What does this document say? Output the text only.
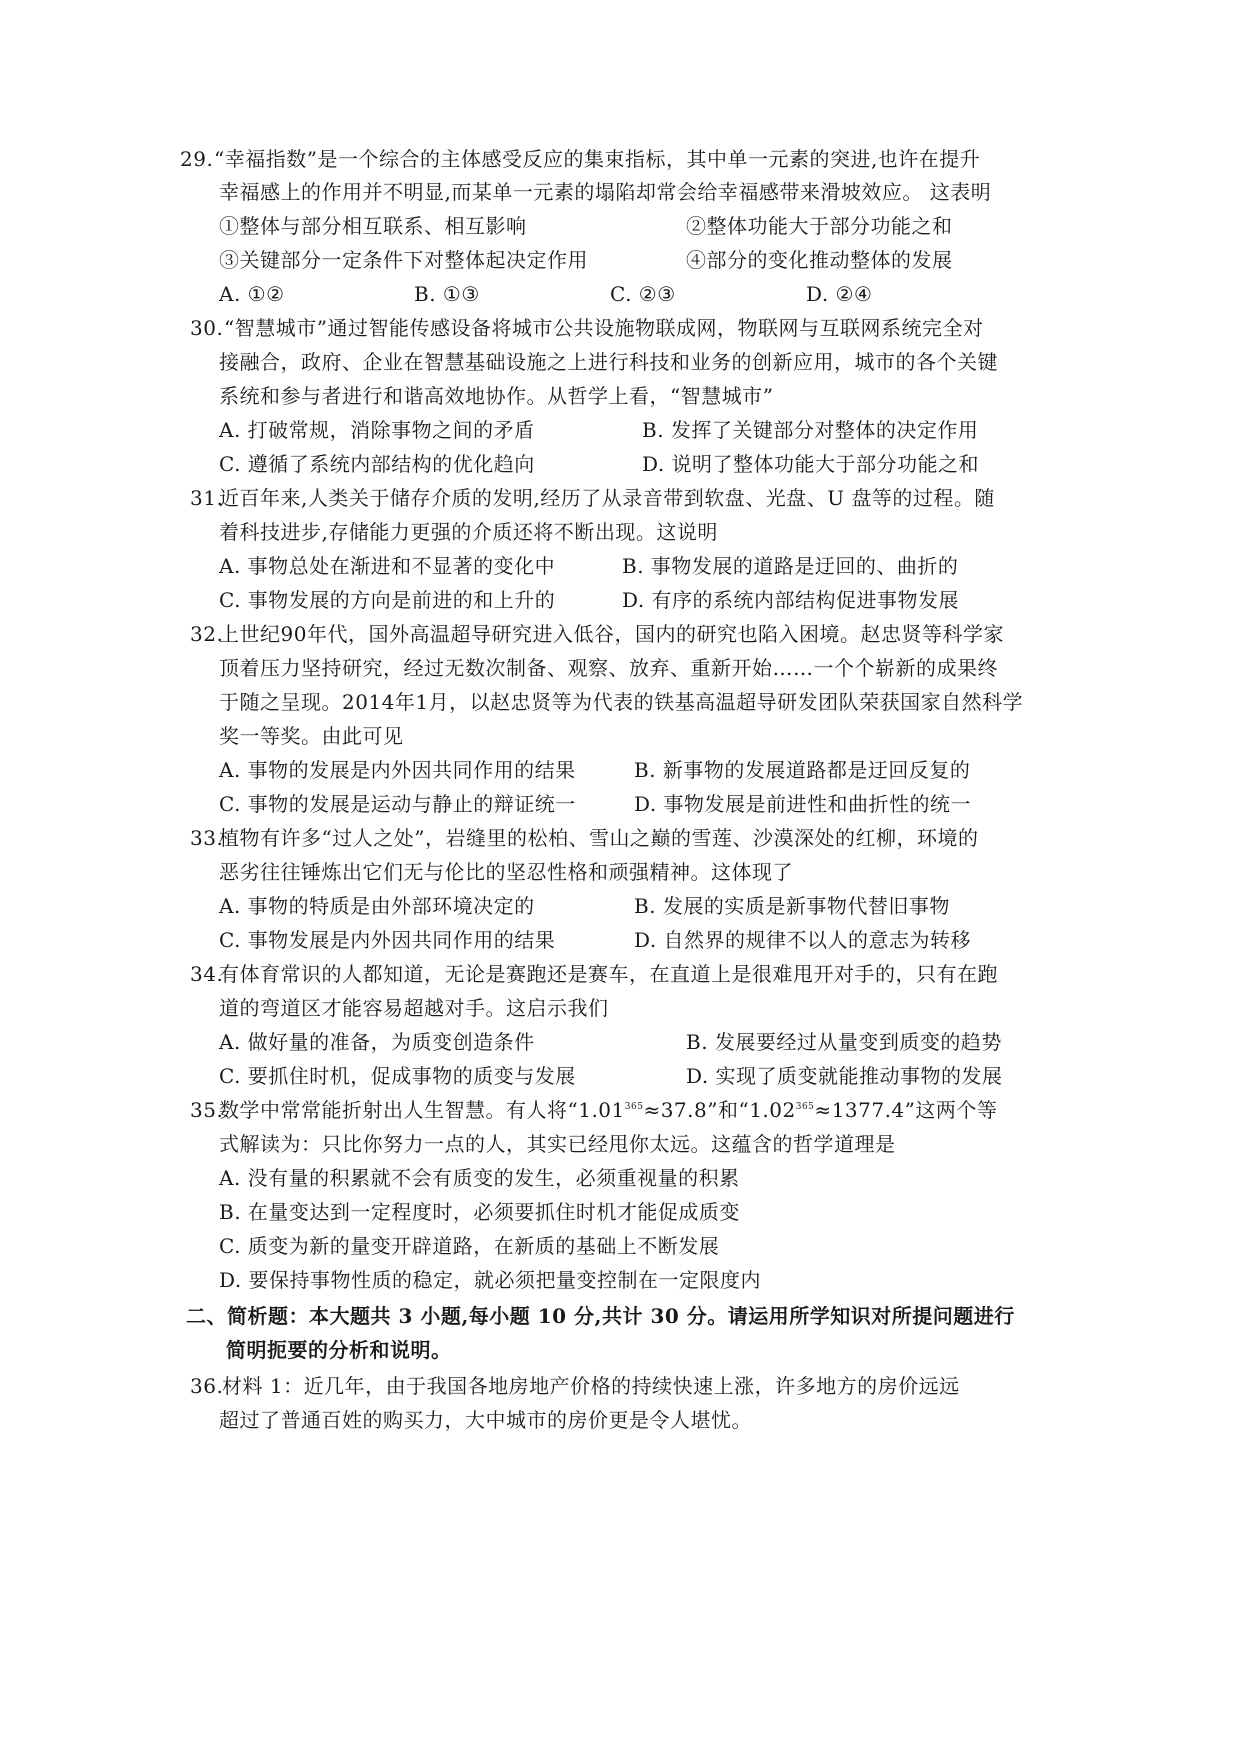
29. “幸福指数”是一个综合的主体感受反应的集束指标，其中单一元素的突进,也许在提升
幸福感上的作用并不明显,而某单一元素的塌陷却常会给幸福感带来滑坡效应。 这表明
①整体与部分相互联系、相互影响	②整体功能大于部分功能之和
③关键部分一定条件下对整体起决定作用	④部分的变化推动整体的发展
A. ①②	B. ①③	C. ②③	D. ②④
30. “智慧城市”通过智能传感设备将城市公共设施物联成网，物联网与互联网系统完全对
接融合，政府、企业在智慧基础设施之上进行科技和业务的创新应用，城市的各个关键
系统和参与者进行和谐高效地协作。从哲学上看，“智慧城市”
A. 打破常规，消除事物之间的矛盾	B. 发挥了关键部分对整体的决定作用
C. 遵循了系统内部结构的优化趋向	D. 说明了整体功能大于部分功能之和
31.
近百年来,人类关于储存介质的发明,经历了从录音带到软盘、光盘、U 盘等的过程。随
着科技进步,存储能力更强的介质还将不断出现。这说明
A. 事物总处在渐进和不显著的变化中	B. 事物发展的道路是迂回的、曲折的
C. 事物发展的方向是前进的和上升的	D. 有序的系统内部结构促进事物发展
32.
上世纪90年代，国外高温超导研究进入低谷，国内的研究也陷入困境。赵忠贤等科学家
顶着压力坚持研究，经过无数次制备、观察、放弃、重新开始……一个个崭新的成果终
于随之呈现。2014年1月，以赵忠贤等为代表的铁基高温超导研发团队荣获国家自然科学
奖一等奖。由此可见
A. 事物的发展是内外因共同作用的结果	B. 新事物的发展道路都是迂回反复的
C. 事物的发展是运动与静止的辩证统一	D. 事物发展是前进性和曲折性的统一
33.
植物有许多“过人之处”，岩缝里的松柏、雪山之巅的雪莲、沙漠深处的红柳，环境的
恶劣往往锤炼出它们无与伦比的坚忍性格和顽强精神。这体现了
A. 事物的特质是由外部环境决定的	B. 发展的实质是新事物代替旧事物
C. 事物发展是内外因共同作用的结果	D. 自然界的规律不以人的意志为转移
34.
有体育常识的人都知道，无论是赛跑还是赛车，在直道上是很难甩开对手的，只有在跑
道的弯道区才能容易超越对手。这启示我们
A. 做好量的准备，为质变创造条件	B. 发展要经过从量变到质变的趋势
C. 要抓住时机，促成事物的质变与发展	D. 实现了质变就能推动事物的发展
35.
数学中常常能折射出人生智慧。有人将“$1.01^{365}\approx 37.8$”和“$1.02^{365}\approx 1377.4$”这两个等
式解读为：只比你努力一点的人，其实已经甩你太远。这蕴含的哲学道理是
A. 没有量的积累就不会有质变的发生，必须重视量的积累
B. 在量变达到一定程度时，必须要抓住时机才能促成质变
C. 质变为新的量变开辟道路，在新质的基础上不断发展
D. 要保持事物性质的稳定，就必须把量变控制在一定限度内
二、简析题：本大题共 3 小题,每小题 10 分,共计 30 分。请运用所学知识对所提问题进行
简明扼要的分析和说明。
36.
材料 1：近几年，由于我国各地房地产价格的持续快速上涨，许多地方的房价远远
超过了普通百姓的购买力，大中城市的房价更是令人堪忧。
